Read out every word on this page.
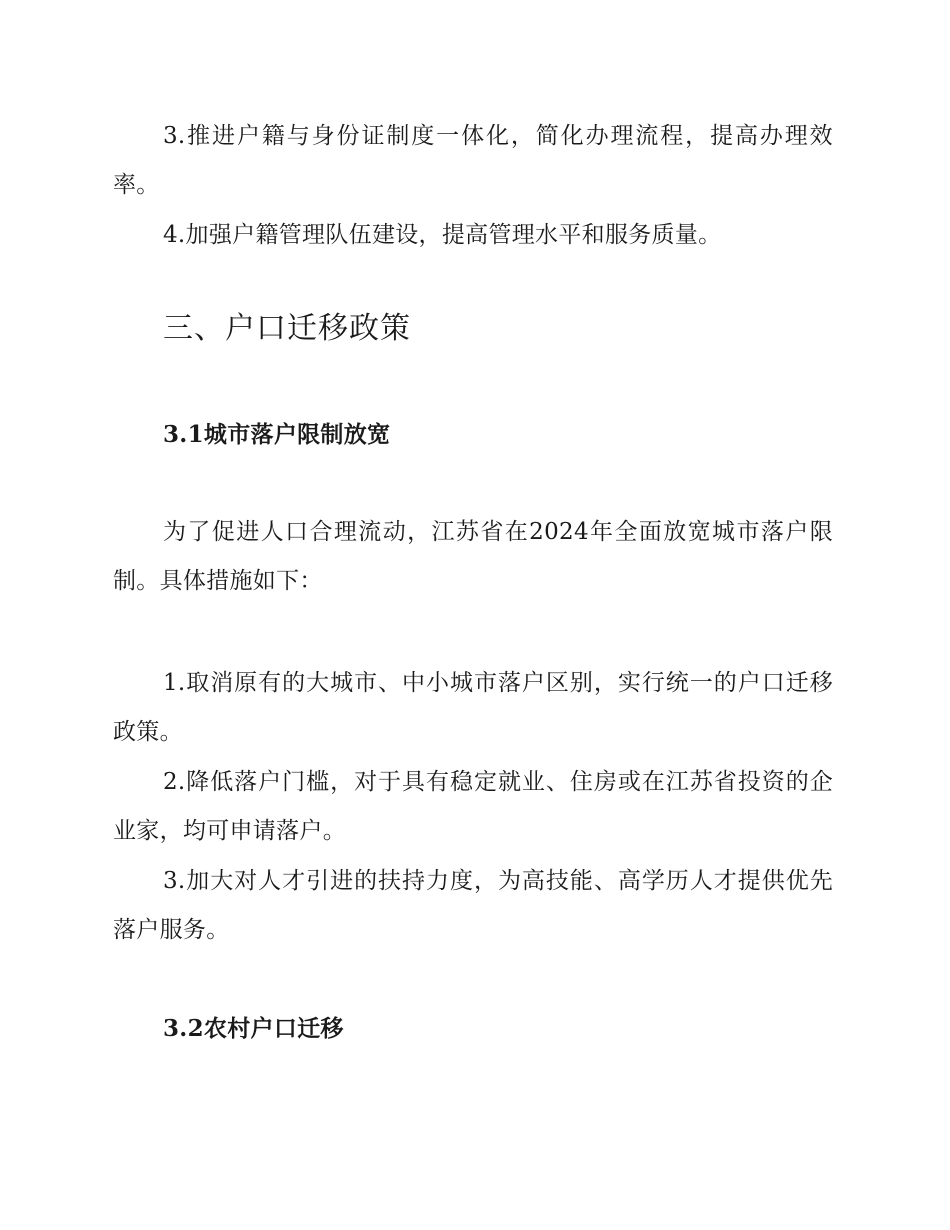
3.推进户籍与身份证制度一体化，简化办理流程，提高办理效率。

4.加强户籍管理队伍建设，提高管理水平和服务质量。

三、户口迁移政策
3.1城市落户限制放宽

为了促进人口合理流动，江苏省在2024年全面放宽城市落户限制。具体措施如下：

1.取消原有的大城市、中小城市落户区别，实行统一的户口迁移政策。

2.降低落户门槛，对于具有稳定就业、住房或在江苏省投资的企业家，均可申请落户。

3.加大对人才引进的扶持力度，为高技能、高学历人才提供优先落户服务。

3.2农村户口迁移
